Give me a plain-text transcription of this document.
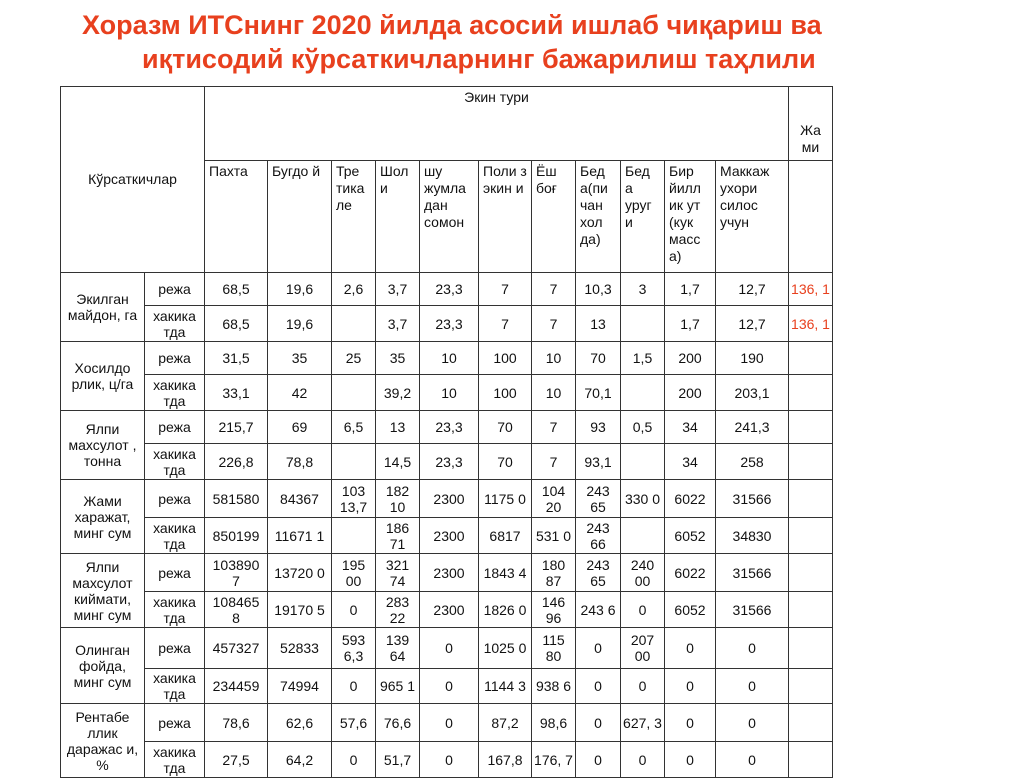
Хоразм ИТСнинг 2020 йилда асосий ишлаб чиқариш ва
иқтисодий кўрсаткичларнинг бажарилиш таҳлили
Кўрсаткичлар		Экин тури											Жа ми
		Пахта	Бугдо й	Тре тика ле	Шол и	шу жумла дан сомон	Поли з экин и	Ёш боғ	Бед а(пи чан хол да)	Бед а уруг и	Бир йилл ик ут (кук масс а)	Маккаж ухори силос учун	
Экилган майдон, га	режа	68,5	19,6	2,6	3,7	23,3	7	7	10,3	3	1,7	12,7	136, 1
	хакика тда	68,5	19,6		3,7	23,3	7	7	13		1,7	12,7	136, 1
Хосилдо рлик, ц/га	режа	31,5	35	25	35	10	100	10	70	1,5	200	190	
	хакика тда	33,1	42		39,2	10	100	10	70,1		200	203,1	
Ялпи махсулот , тонна	режа	215,7	69	6,5	13	23,3	70	7	93	0,5	34	241,3	
	хакика тда	226,8	78,8		14,5	23,3	70	7	93,1		34	258	
Жами харажат, минг сум	режа	581580	84367	103 13,7	182 10	2300	1175 0	104 20	243 65	330 0	6022	31566	
	хакика тда	850199	11671 1		186 71	2300	6817	531 0	243 66		6052	34830	
Ялпи махсулот киймати, минг сум	режа	103890 7	13720 0	195 00	321 74	2300	1843 4	180 87	243 65	240 00	6022	31566	
	хакика тда	108465 8	19170 5	0	283 22	2300	1826 0	146 96	243 6	0	6052	31566	
Олинган фойда, минг сум	режа	457327	52833	593 6,3	139 64	0	1025 0	115 80	0	207 00	0	0	
	хакика тда	234459	74994	0	965 1	0	1144 3	938 6	0	0	0	0	
Рентабе ллик даражас и, %	режа	78,6	62,6	57,6	76,6	0	87,2	98,6	0	627, 3	0	0	
	хакика тда	27,5	64,2	0	51,7	0	167,8	176, 7	0	0	0	0	
